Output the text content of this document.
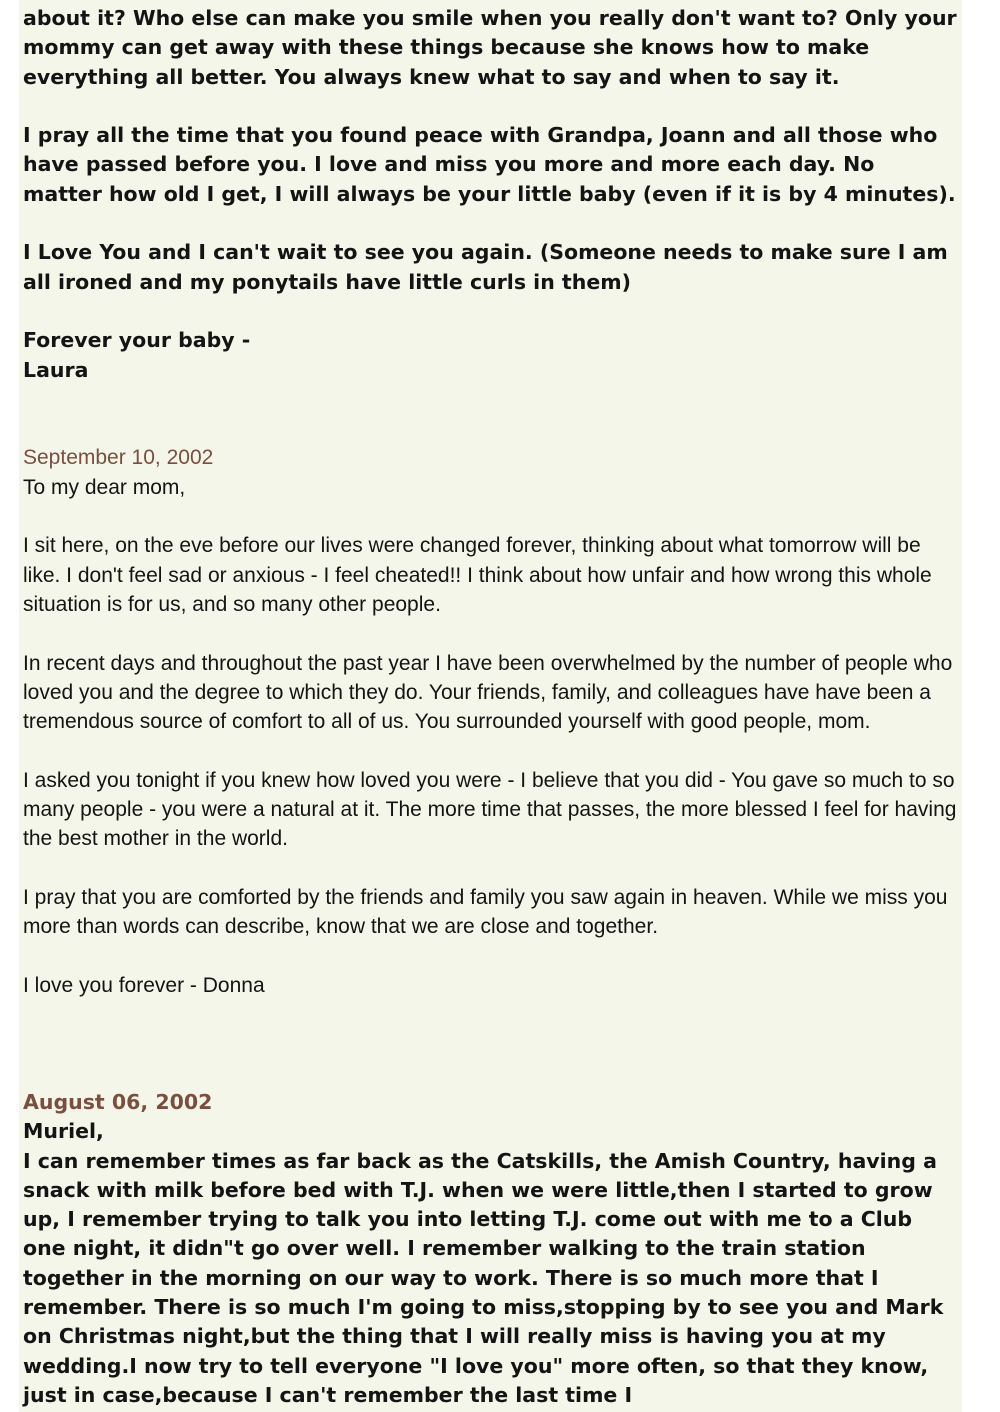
about it? Who else can make you smile when you really don't want to? Only your mommy can get away with these things because she knows how to make everything all better. You always knew what to say and when to say it.

I pray all the time that you found peace with Grandpa, Joann and all those who have passed before you. I love and miss you more and more each day. No matter how old I get, I will always be your little baby (even if it is by 4 minutes).

I Love You and I can't wait to see you again. (Someone needs to make sure I am all ironed and my ponytails have little curls in them)

Forever your baby -

Laura

September 10, 2002

To my dear mom,

I sit here, on the eve before our lives were changed forever, thinking about what tomorrow will be like. I don't feel sad or anxious - I feel cheated!! I think about how unfair and how wrong this whole situation is for us, and so many other people.

In recent days and throughout the past year I have been overwhelmed by the number of people who loved you and the degree to which they do. Your friends, family, and colleagues have have been a tremendous source of comfort to all of us. You surrounded yourself with good people, mom.

I asked you tonight if you knew how loved you were - I believe that you did - You gave so much to so many people - you were a natural at it. The more time that passes, the more blessed I feel for having the best mother in the world.

I pray that you are comforted by the friends and family you saw again in heaven. While we miss you more than words can describe, know that we are close and together.

I love you forever - Donna

August 06, 2002

Muriel,

I can remember times as far back as the Catskills, the Amish Country, having a snack with milk before bed with T.J. when we were little,then I started to grow up, I remember trying to talk you into letting T.J. come out with me to a Club one night, it didn"t go over well. I remember walking to the train station together in the morning on our way to work. There is so much more that I remember. There is so much I'm going to miss,stopping by to see you and Mark on Christmas night,but the thing that I will really miss is having you at my wedding.I now try to tell everyone "I love you" more often, so that they know, just in case,because I can't remember the last time I
